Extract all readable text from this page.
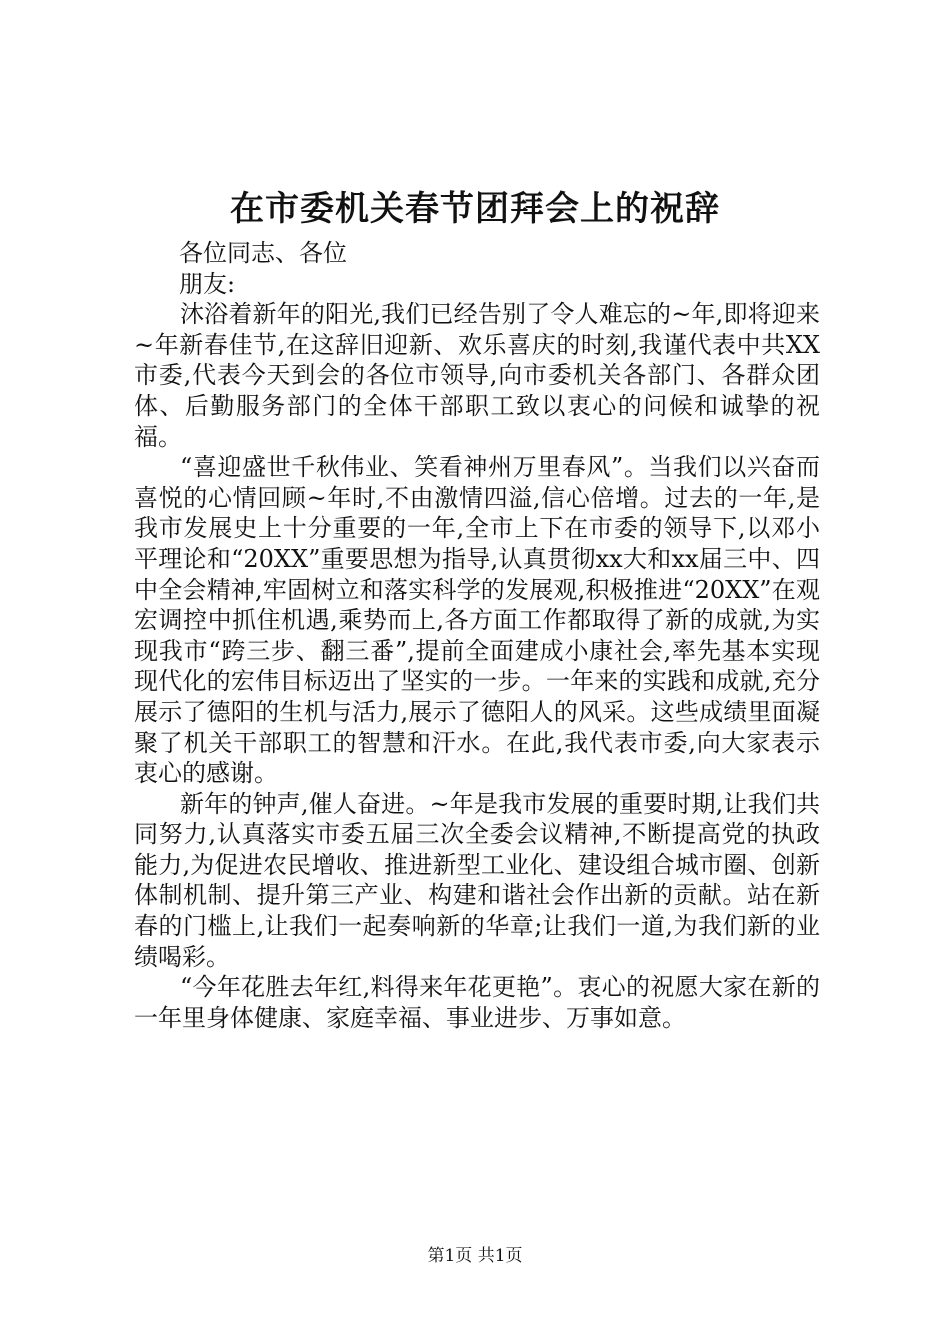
在市委机关春节团拜会上的祝辞

各位同志、各位

朋友:

沐浴着新年的阳光,我们已经告别了令人难忘的~年,即将迎来~年新春佳节,在这辞旧迎新、欢乐喜庆的时刻,我谨代表中共XX市委,代表今天到会的各位市领导,向市委机关各部门、各群众团体、后勤服务部门的全体干部职工致以衷心的问候和诚挚的祝福。

“喜迎盛世千秋伟业、笑看神州万里春风”。当我们以兴奋而喜悦的心情回顾~年时,不由激情四溢,信心倍增。过去的一年,是我市发展史上十分重要的一年,全市上下在市委的领导下,以邓小平理论和“20XX”重要思想为指导,认真贯彻xx大和xx届三中、四中全会精神,牢固树立和落实科学的发展观,积极推进“20XX”在观宏调控中抓住机遇,乘势而上,各方面工作都取得了新的成就,为实现我市“跨三步、翻三番”,提前全面建成小康社会,率先基本实现现代化的宏伟目标迈出了坚实的一步。一年来的实践和成就,充分展示了德阳的生机与活力,展示了德阳人的风采。这些成绩里面凝聚了机关干部职工的智慧和汗水。在此,我代表市委,向大家表示衷心的感谢。

新年的钟声,催人奋进。~年是我市发展的重要时期,让我们共同努力,认真落实市委五届三次全委会议精神,不断提高党的执政能力,为促进农民增收、推进新型工业化、建设组合城市圈、创新体制机制、提升第三产业、构建和谐社会作出新的贡献。站在新春的门槛上,让我们一起奏响新的华章;让我们一道,为我们新的业绩喝彩。

“今年花胜去年红,料得来年花更艳”。衷心的祝愿大家在新的一年里身体健康、家庭幸福、事业进步、万事如意。

第1页 共1页
